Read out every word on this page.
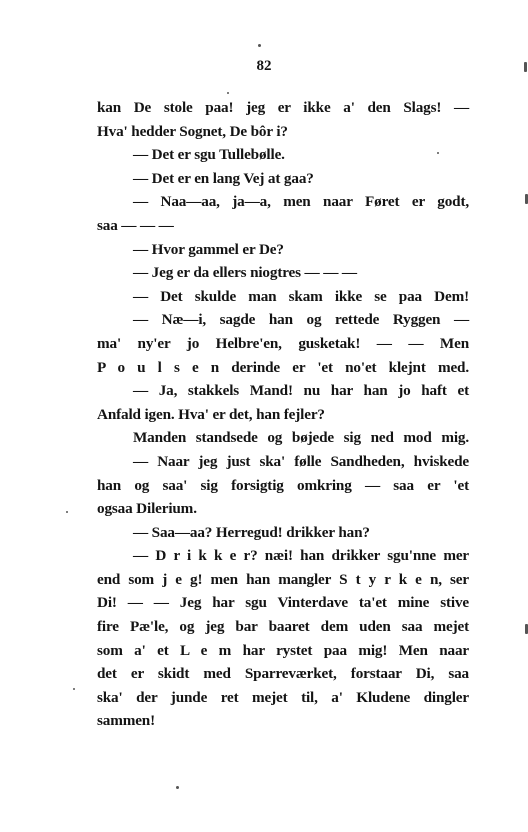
82
kan De stole paa! jeg er ikke a' den Slags! —
Hva' hedder Sognet, De bôr i?
— Det er sgu Tullebølle.
— Det er en lang Vej at gaa?
— Naa—aa, ja—a, men naar Føret er godt,
saa — — —
— Hvor gammel er De?
— Jeg er da ellers niogtres — — —
— Det skulde man skam ikke se paa Dem!
— Næ—i, sagde han og rettede Ryggen —
ma' ny'er jo Helbre'en, gusketak! — — Men
P o u l s e n derinde er 'et no'et klejnt med.
— Ja, stakkels Mand! nu har han jo haft et
Anfald igen. Hva' er det, han fejler?
Manden standsede og bøjede sig ned mod mig.
— Naar jeg just ska' følle Sandheden, hviskede
han og saa' sig forsigtig omkring — saa er 'et
ogsaa Dilerium.
— Saa—aa? Herregud! drikker han?
— D r i k k e r? næi! han drikker sgu'nne mer
end som j e g! men han mangler S t y r k e n, ser
Di! — — Jeg har sgu Vinterdave ta'et mine stive
fire Pæ'le, og jeg bar baaret dem uden saa mejet
som a' et L e m har rystet paa mig! Men naar
det er skidt med Sparreværket, forstaar Di, saa
ska' der junde ret mejet til, a' Kludene dingler
sammen!
